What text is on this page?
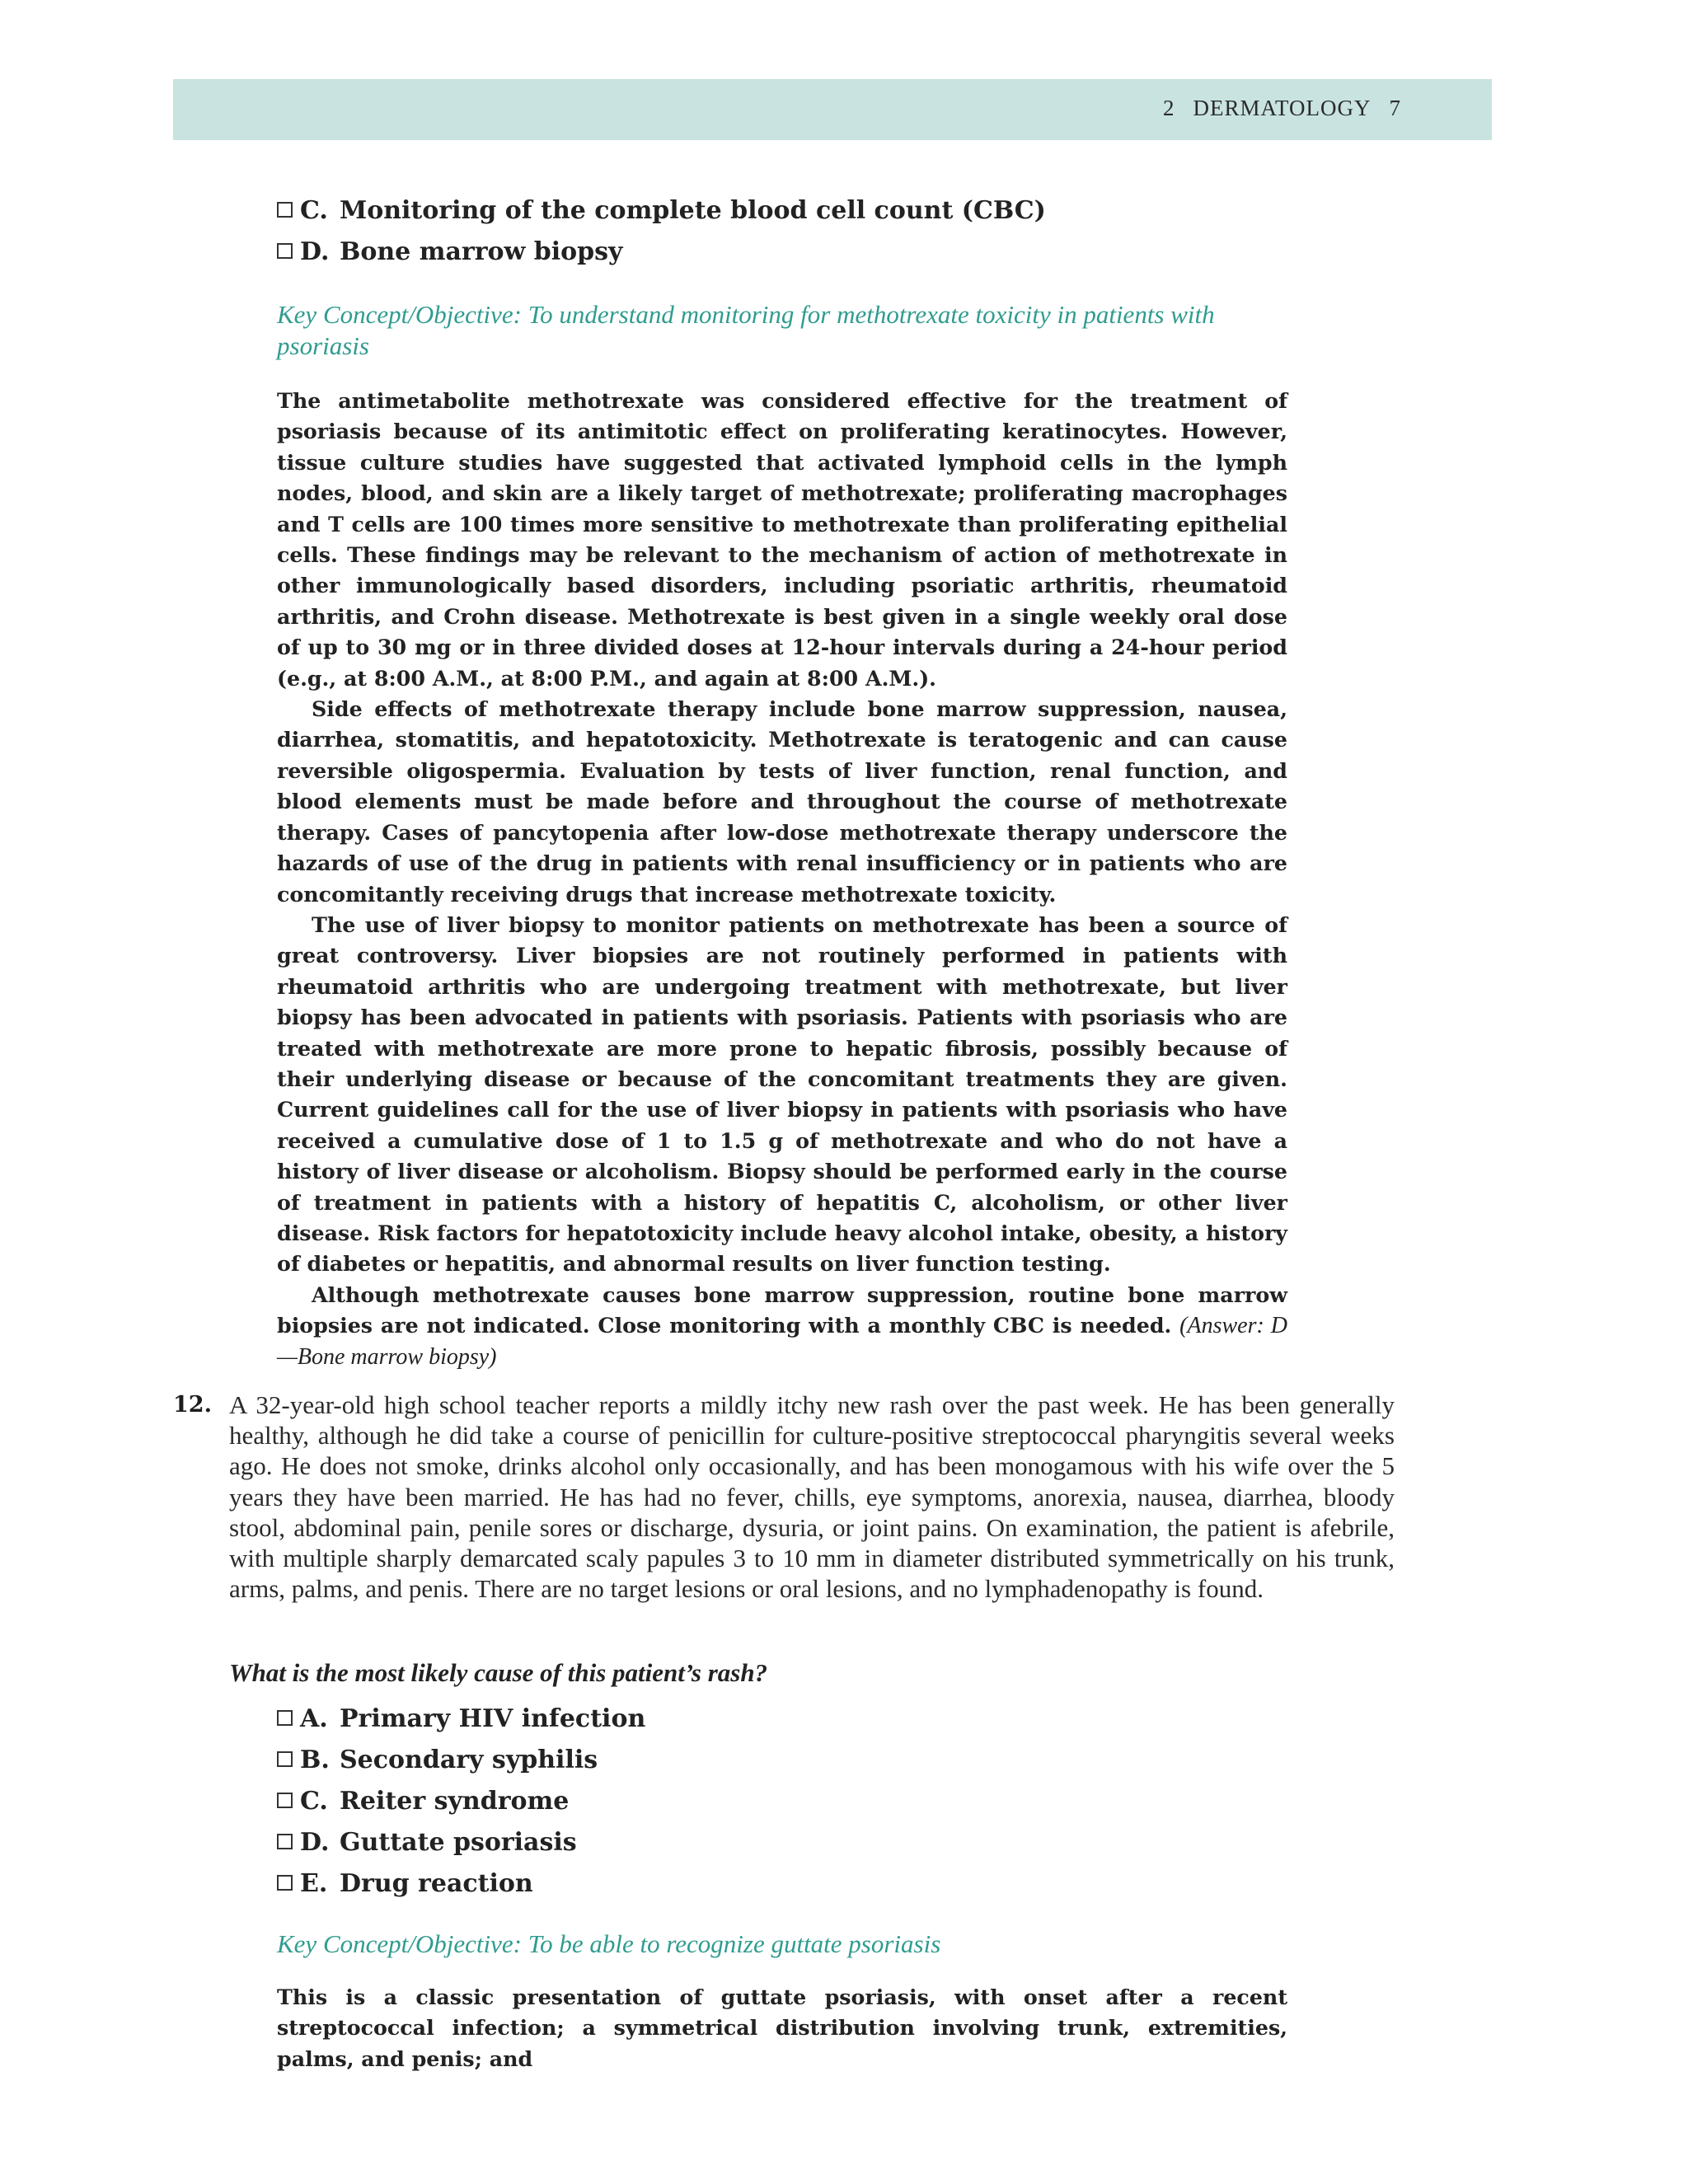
2 DERMATOLOGY 7
C. Monitoring of the complete blood cell count (CBC)
D. Bone marrow biopsy
Key Concept/Objective: To understand monitoring for methotrexate toxicity in patients with psoriasis

The antimetabolite methotrexate was considered effective for the treatment of psoriasis because of its antimitotic effect on proliferating keratinocytes. However, tissue culture studies have suggested that activated lymphoid cells in the lymph nodes, blood, and skin are a likely target of methotrexate; proliferating macrophages and T cells are 100 times more sensitive to methotrexate than proliferating epithelial cells. These findings may be relevant to the mechanism of action of methotrexate in other immunologically based disorders, including psoriatic arthritis, rheumatoid arthritis, and Crohn disease. Methotrexate is best given in a single weekly oral dose of up to 30 mg or in three divided doses at 12-hour intervals during a 24-hour period (e.g., at 8:00 A.M., at 8:00 P.M., and again at 8:00 A.M.).

Side effects of methotrexate therapy include bone marrow suppression, nausea, diarrhea, stomatitis, and hepatotoxicity. Methotrexate is teratogenic and can cause reversible oligospermia. Evaluation by tests of liver function, renal function, and blood elements must be made before and throughout the course of methotrexate therapy. Cases of pancytopenia after low-dose methotrexate therapy underscore the hazards of use of the drug in patients with renal insufficiency or in patients who are concomitantly receiving drugs that increase methotrexate toxicity.

The use of liver biopsy to monitor patients on methotrexate has been a source of great controversy. Liver biopsies are not routinely performed in patients with rheumatoid arthritis who are undergoing treatment with methotrexate, but liver biopsy has been advocated in patients with psoriasis. Patients with psoriasis who are treated with methotrexate are more prone to hepatic fibrosis, possibly because of their underlying disease or because of the concomitant treatments they are given. Current guidelines call for the use of liver biopsy in patients with psoriasis who have received a cumulative dose of 1 to 1.5 g of methotrexate and who do not have a history of liver disease or alcoholism. Biopsy should be performed early in the course of treatment in patients with a history of hepatitis C, alcoholism, or other liver disease. Risk factors for hepatotoxicity include heavy alcohol intake, obesity, a history of diabetes or hepatitis, and abnormal results on liver function testing.

Although methotrexate causes bone marrow suppression, routine bone marrow biopsies are not indicated. Close monitoring with a monthly CBC is needed. (Answer: D—Bone marrow biopsy)

12. A 32-year-old high school teacher reports a mildly itchy new rash over the past week. He has been generally healthy, although he did take a course of penicillin for culture-positive streptococcal pharyngitis several weeks ago. He does not smoke, drinks alcohol only occasionally, and has been monogamous with his wife over the 5 years they have been married. He has had no fever, chills, eye symptoms, anorexia, nausea, diarrhea, bloody stool, abdominal pain, penile sores or discharge, dysuria, or joint pains. On examination, the patient is afebrile, with multiple sharply demarcated scaly papules 3 to 10 mm in diameter distributed symmetrically on his trunk, arms, palms, and penis. There are no target lesions or oral lesions, and no lymphadenopathy is found.
What is the most likely cause of this patient’s rash?
A. Primary HIV infection
B. Secondary syphilis
C. Reiter syndrome
D. Guttate psoriasis
E. Drug reaction
Key Concept/Objective: To be able to recognize guttate psoriasis

This is a classic presentation of guttate psoriasis, with onset after a recent streptococcal infection; a symmetrical distribution involving trunk, extremities, palms, and penis; and
